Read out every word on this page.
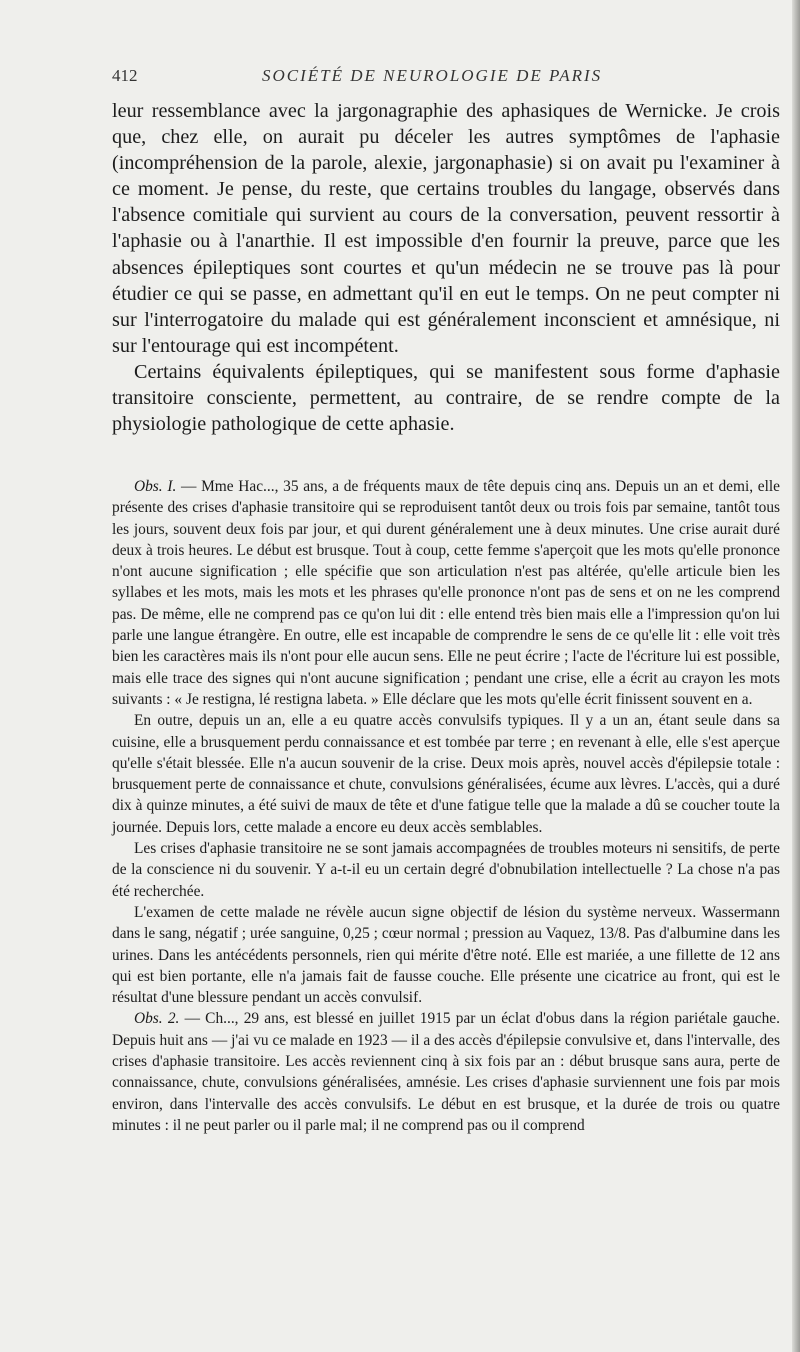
412	SOCIÉTÉ DE NEUROLOGIE DE PARIS

leur ressemblance avec la jargonagraphie des aphasiques de Wernicke. Je crois que, chez elle, on aurait pu déceler les autres symptômes de l'aphasie (incompréhension de la parole, alexie, jargonaphasie) si on avait pu l'examiner à ce moment. Je pense, du reste, que certains troubles du langage, observés dans l'absence comitiale qui survient au cours de la conversation, peuvent ressortir à l'aphasie ou à l'anarthie. Il est impossible d'en fournir la preuve, parce que les absences épileptiques sont courtes et qu'un médecin ne se trouve pas là pour étudier ce qui se passe, en admettant qu'il en eut le temps. On ne peut compter ni sur l'interrogatoire du malade qui est généralement inconscient et amnésique, ni sur l'entourage qui est incompétent.

Certains équivalents épileptiques, qui se manifestent sous forme d'aphasie transitoire consciente, permettent, au contraire, de se rendre compte de la physiologie pathologique de cette aphasie.

Obs. I. — Mme Hac..., 35 ans, a de fréquents maux de tête depuis cinq ans. Depuis un an et demi, elle présente des crises d'aphasie transitoire qui se reproduisent tantôt deux ou trois fois par semaine, tantôt tous les jours, souvent deux fois par jour, et qui durent généralement une à deux minutes. Une crise aurait duré deux à trois heures. Le début est brusque. Tout à coup, cette femme s'aperçoit que les mots qu'elle prononce n'ont aucune signification ; elle spécifie que son articulation n'est pas altérée, qu'elle articule bien les syllabes et les mots, mais les mots et les phrases qu'elle prononce n'ont pas de sens et on ne les comprend pas. De même, elle ne comprend pas ce qu'on lui dit : elle entend très bien mais elle a l'impression qu'on lui parle une langue étrangère. En outre, elle est incapable de comprendre le sens de ce qu'elle lit : elle voit très bien les caractères mais ils n'ont pour elle aucun sens. Elle ne peut écrire ; l'acte de l'écriture lui est possible, mais elle trace des signes qui n'ont aucune signification ; pendant une crise, elle a écrit au crayon les mots suivants : « Je restigna, lé restigna labeta. » Elle déclare que les mots qu'elle écrit finissent souvent en a.

En outre, depuis un an, elle a eu quatre accès convulsifs typiques. Il y a un an, étant seule dans sa cuisine, elle a brusquement perdu connaissance et est tombée par terre ; en revenant à elle, elle s'est aperçue qu'elle s'était blessée. Elle n'a aucun souvenir de la crise. Deux mois après, nouvel accès d'épilepsie totale : brusquement perte de connaissance et chute, convulsions généralisées, écume aux lèvres. L'accès, qui a duré dix à quinze minutes, a été suivi de maux de tête et d'une fatigue telle que la malade a dû se coucher toute la journée. Depuis lors, cette malade a encore eu deux accès semblables.

Les crises d'aphasie transitoire ne se sont jamais accompagnées de troubles moteurs ni sensitifs, de perte de la conscience ni du souvenir. Y a-t-il eu un certain degré d'obnubilation intellectuelle ? La chose n'a pas été recherchée.

L'examen de cette malade ne révèle aucun signe objectif de lésion du système nerveux. Wassermann dans le sang, négatif ; urée sanguine, 0,25 ; cœur normal ; pression au Vaquez, 13/8. Pas d'albumine dans les urines. Dans les antécédents personnels, rien qui mérite d'être noté. Elle est mariée, a une fillette de 12 ans qui est bien portante, elle n'a jamais fait de fausse couche. Elle présente une cicatrice au front, qui est le résultat d'une blessure pendant un accès convulsif.

Obs. 2. — Ch..., 29 ans, est blessé en juillet 1915 par un éclat d'obus dans la région pariétale gauche. Depuis huit ans — j'ai vu ce malade en 1923 — il a des accès d'épilepsie convulsive et, dans l'intervalle, des crises d'aphasie transitoire. Les accès reviennent cinq à six fois par an : début brusque sans aura, perte de connaissance, chute, convulsions généralisées, amnésie. Les crises d'aphasie surviennent une fois par mois environ, dans l'intervalle des accès convulsifs. Le début en est brusque, et la durée de trois ou quatre minutes : il ne peut parler ou il parle mal; il ne comprend pas ou il comprend
